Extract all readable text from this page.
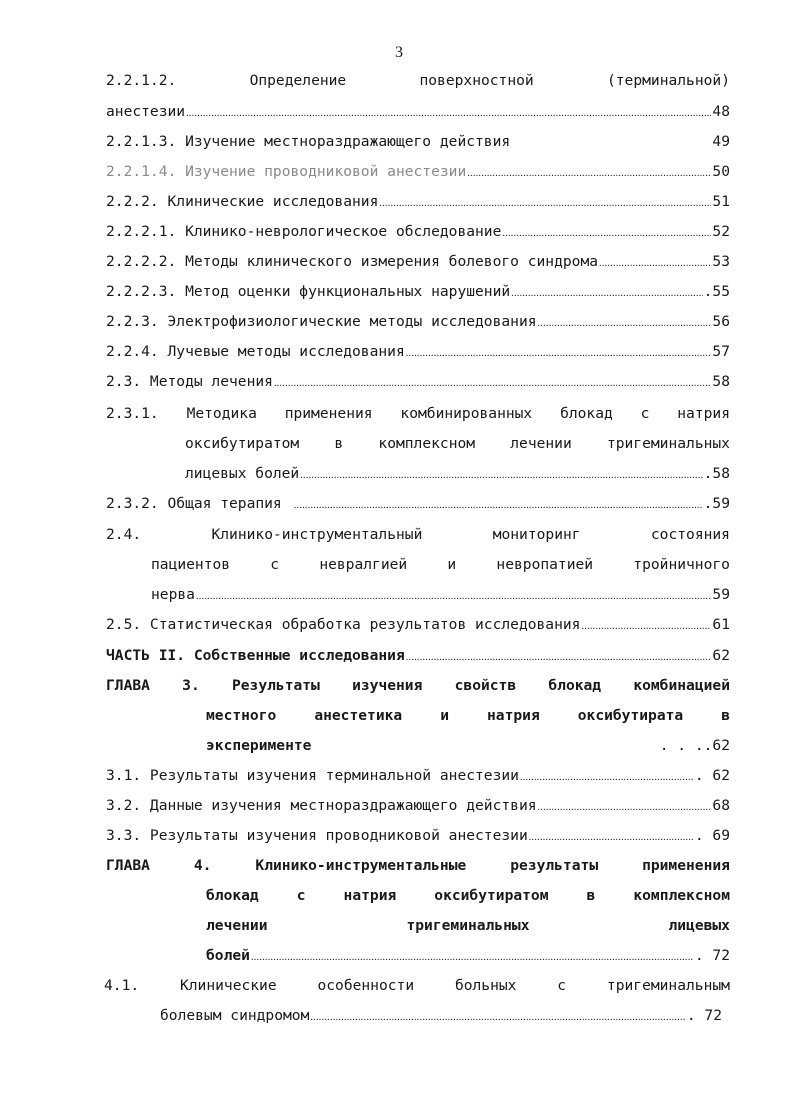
3
2.2.1.2.	Определение	поверхностной	(терминальной)
анестезии .....	48
2.2.1.3. Изучение местнораздражающего действия	49
2.2.1.4. Изучение проводниковой анестезии .....	50
2.2.2. Клинические исследования .....	51
2.2.2.1. Клинико-неврологическое обследование .....	52
2.2.2.2. Методы клинического измерения болевого синдрома .....	53
2.2.2.3. Метод оценки функциональных нарушений .....	.55
2.2.3. Электрофизиологические методы исследования .....	56
2.2.4. Лучевые методы исследования .....	57
2.3. Методы лечения .....	58
2.3.1. Методика применения комбинированных блокад с натрия
оксибутиратом в комплексном лечении тригеминальных
лицевых болей .....	.58
2.3.2. Общая терапия .....	.59
2.4.	Клинико-инструментальный	мониторинг	состояния
пациентов	с	невралгией	и	невропатией	тройничного
нерва .....	59
2.5. Статистическая обработка результатов исследования .....	61
ЧАСТЬ II. Собственные исследования .....	62
ГЛАВА 3. Результаты изучения свойств блокад комбинацией
местного	анестетика	и	натрия	оксибутирата	в
эксперименте	. . ..62
3.1. Результаты изучения терминальной анестезии .....	. 62
3.2. Данные изучения местнораздражающего действия .....	68
3.3. Результаты изучения проводниковой анестезии .....	. 69
ГЛАВА	4.	Клинико-инструментальные	результаты	применения
блокад	с	натрия	оксибутиратом	в	комплексном
лечении	тригеминальных	лицевых
болей .....	. 72
4.1.	Клинические	особенности	больных	с	тригеминальным
болевым синдромом .....	. 72
